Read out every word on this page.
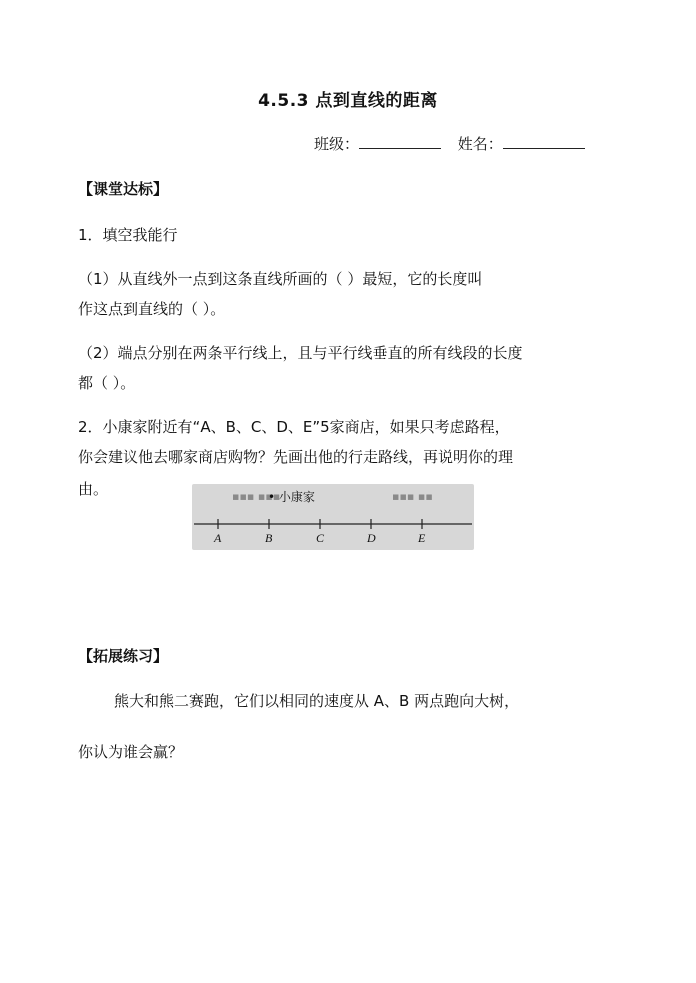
4.5.3 点到直线的距离
班级：	姓名：
【课堂达标】
1．填空我能行
（1）从直线外一点到这条直线所画的（ ）最短，它的长度叫
作这点到直线的（ ）。
（2）端点分别在两条平行线上，且与平行线垂直的所有线段的长度
都（ ）。
2．小康家附近有“A、B、C、D、E”5家商店，如果只考虑路程，
你会建议他去哪家商店购物？先画出他的行走路线，再说明你的理
由。	▪▪▪ ▪▪▪	▪▪▪ ▪▪
• 小康家
A	B	C	D	E
【拓展练习】
熊大和熊二赛跑，它们以相同的速度从 A、B 两点跑向大树，
你认为谁会赢？
